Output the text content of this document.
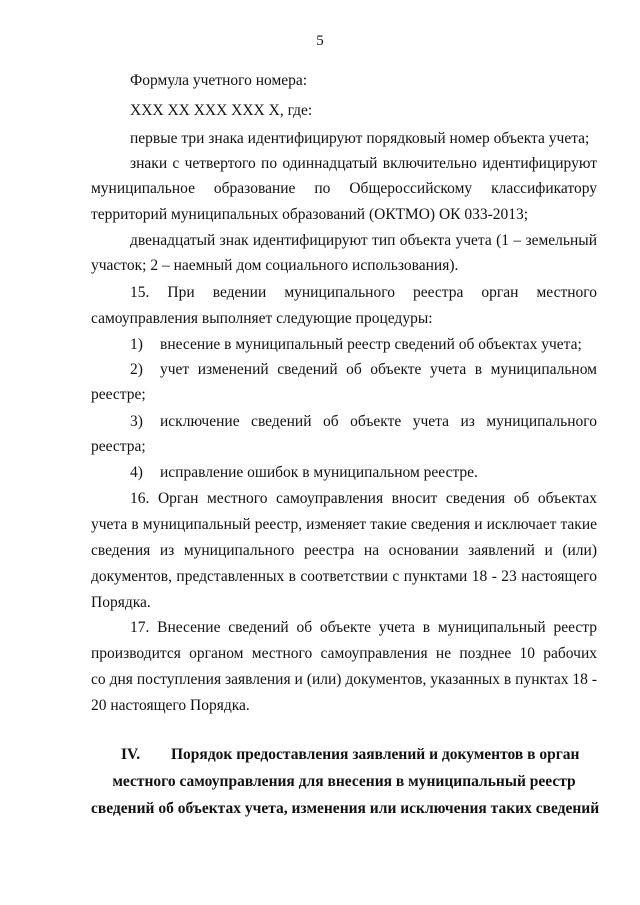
5
Формула учетного номера:
XXX XX XXX XXX X, где:
первые три знака идентифицируют порядковый номер объекта учета;
знаки с четвертого по одиннадцатый включительно идентифицируют
муниципальное образование по Общероссийскому классификатору
территорий муниципальных образований (ОКТМО) ОК 033-2013;
двенадцатый знак идентифицируют тип объекта учета (1 – земельный
участок; 2 – наемный дом социального использования).
15. При ведении муниципального реестра орган местного
самоуправления выполняет следующие процедуры:
1)	внесение в муниципальный реестр сведений об объектах учета;
2)	учет изменений сведений об объекте учета в муниципальном
реестре;
3)	исключение сведений об объекте учета из муниципального
реестра;
4)	исправление ошибок в муниципальном реестре.
16. Орган местного самоуправления вносит сведения об объектах
учета в муниципальный реестр, изменяет такие сведения и исключает такие
сведения из муниципального реестра на основании заявлений и (или)
документов, представленных в соответствии с пунктами 18 - 23 настоящего
Порядка.
17. Внесение сведений об объекте учета в муниципальный реестр
производится органом местного самоуправления не позднее 10 рабочих
со дня поступления заявления и (или) документов, указанных в пунктах 18 -
20 настоящего Порядка.
IV. Порядок предоставления заявлений и документов в орган
местного самоуправления для внесения в муниципальный реестр
сведений об объектах учета, изменения или исключения таких сведений
